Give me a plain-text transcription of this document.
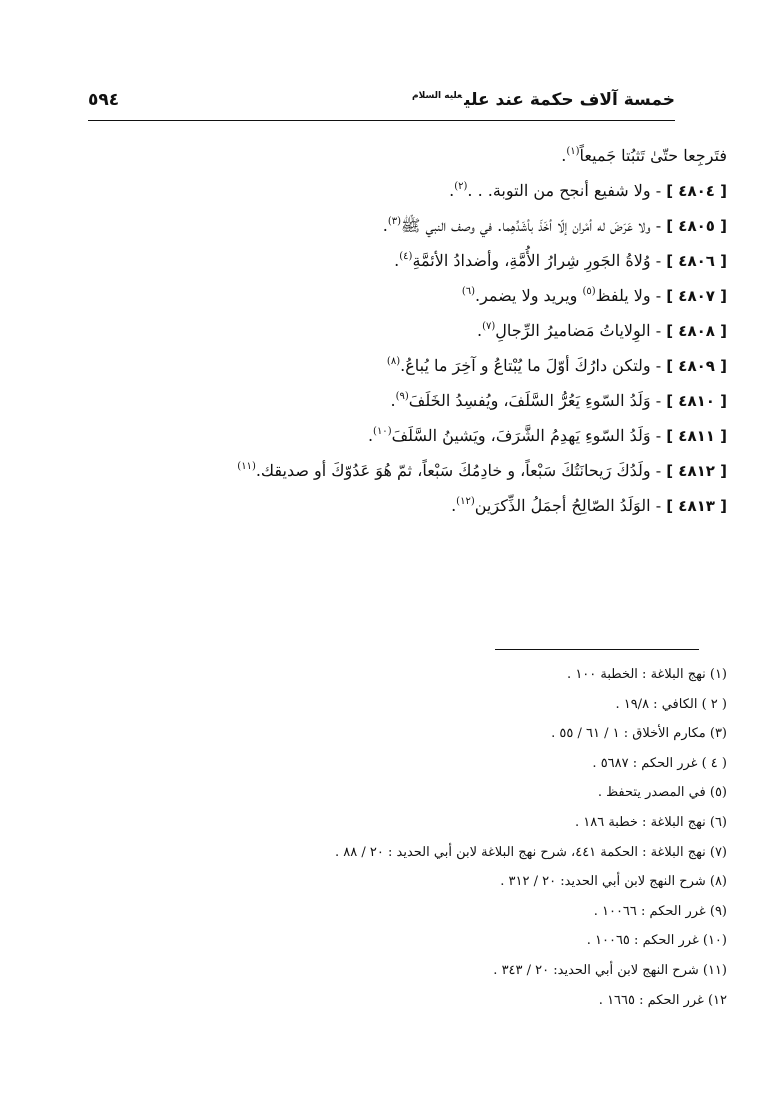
خمسة آلاف حكمة عند علي$^{عليه السلام}$
٥٩٤
فتَرجِعا حتّىٰ تَثبُتا جَميعاً$^{(١)}$.
[ ٤٨٠٤ ] - ولا شفيع أنجح من التوبة. . .$^{(٢)}$.
[ ٤٨٠٥ ] - ولا عَرَضَ له أمْران إلّا أخَذَ بأشَدِّهِما. في وصف النبي ﷺ$^{(٣)}$.
[ ٤٨٠٦ ] - وُلاةُ الجَورِ شِرارُ الأُمَّةِ، وأضدادُ الأئمَّةِ$^{(٤)}$.
[ ٤٨٠٧ ] - ولا يلفظ$^{(٥)}$ ويريد ولا يضمر.$^{(٦)}$
[ ٤٨٠٨ ] - الوِلاياتُ مَضاميرُ الرِّجالِ$^{(٧)}$.
[ ٤٨٠٩ ] - ولتكن دارُكَ أوّلَ ما يُبْتاعُ و آخِرَ ما يُباعُ.$^{(٨)}$
[ ٤٨١٠ ] - وَلَدُ السّوءِ يَعُرُّ السَّلَفَ، ويُفسِدُ الخَلَفَ$^{(٩)}$.
[ ٤٨١١ ] - وَلَدُ السّوءِ يَهدِمُ الشَّرَفَ، ويَشينُ السَّلَفَ$^{(١٠)}$.
[ ٤٨١٢ ] - ولَدُكَ رَيحانَتُكَ سَبْعاً، و خادِمُكَ سَبْعاً، ثمّ هُوَ عَدُوّكَ أو صديقك.$^{(١١)}$
[ ٤٨١٣ ] - الوَلَدُ الصّالِحُ أجمَلُ الذِّكرَين$^{(١٢)}$.
(١) نهج البلاغة : الخطبة ١٠٠ .
( ٢ ) الكافي : ١٩/٨ .
(٣) مكارم الأخلاق : ١ / ٦١ / ٥٥ .
( ٤ ) غرر الحكم : ٥٦٨٧ .
(٥) في المصدر يتحفظ .
(٦) نهج البلاغة : خطبة ١٨٦ .
(٧) نهج البلاغة : الحكمة ٤٤١، شرح نهج البلاغة لابن أبي الحديد : ٢٠ / ٨٨ .
(٨) شرح النهج لابن أبي الحديد: ٢٠ / ٣١٢ .
(٩) غرر الحكم : ١٠٠٦٦ .
(١٠) غرر الحكم : ١٠٠٦٥ .
(١١) شرح النهج لابن أبي الحديد: ٢٠ / ٣٤٣ .
١٢) غرر الحكم : ١٦٦٥ .
